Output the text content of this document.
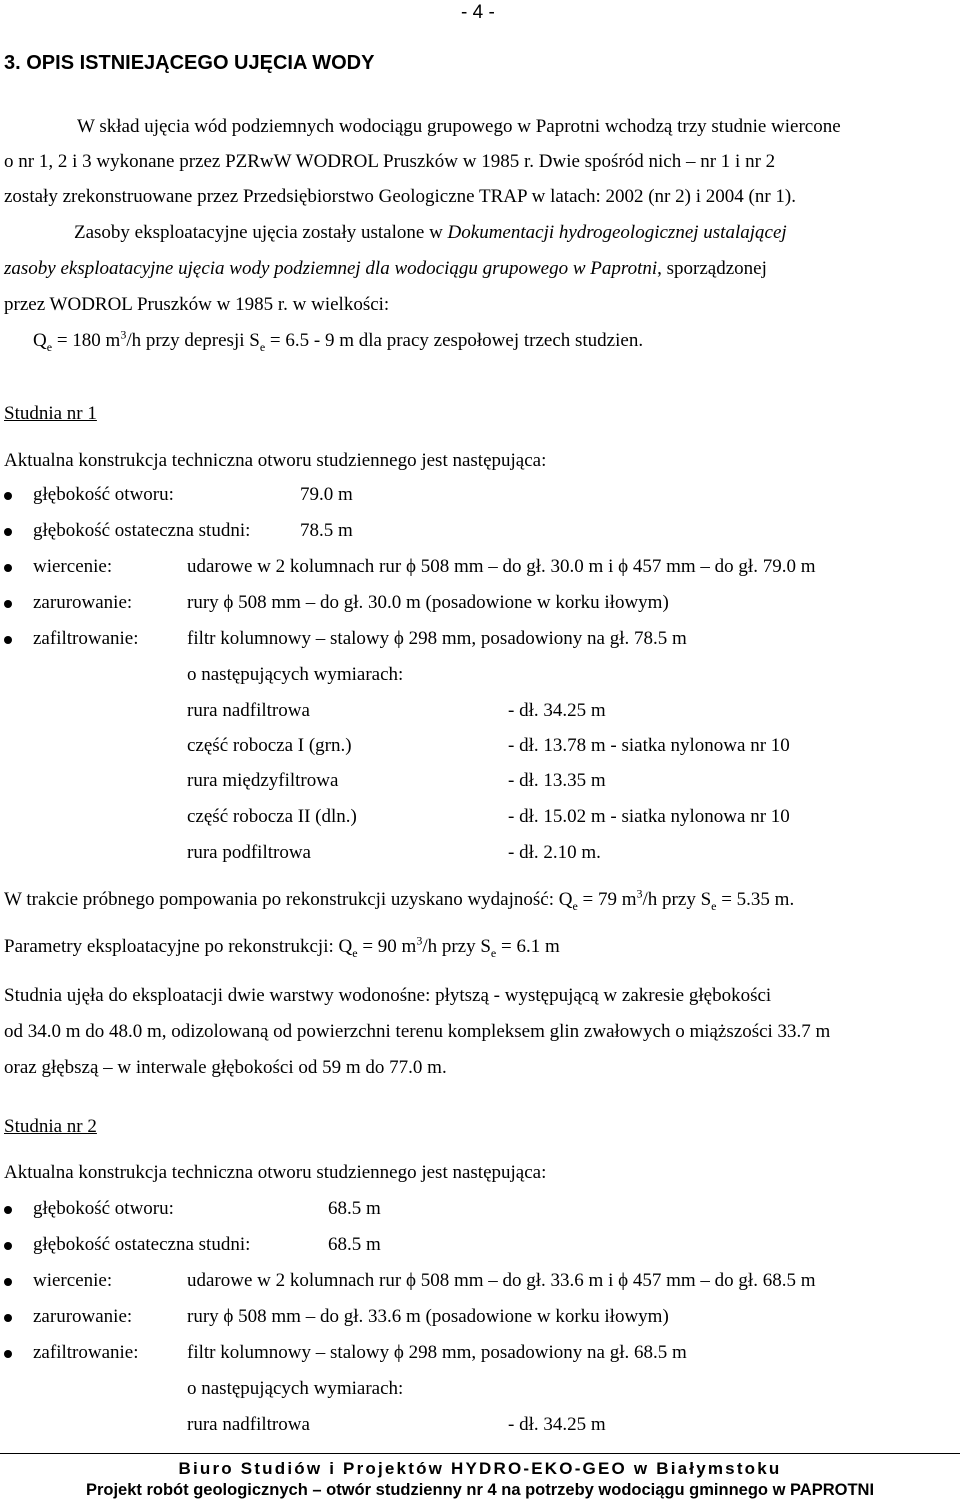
- 4 -
3. OPIS ISTNIEJĄCEGO UJĘCIA WODY
W skład ujęcia wód podziemnych wodociągu grupowego w Paprotni wchodzą trzy studnie wiercone
o nr 1, 2 i 3 wykonane przez PZRwW WODROL Pruszków w 1985 r. Dwie spośród nich – nr 1 i nr 2
zostały zrekonstruowane przez Przedsiębiorstwo Geologiczne TRAP w latach: 2002 (nr 2) i 2004 (nr 1).
Zasoby eksploatacyjne ujęcia zostały ustalone w Dokumentacji hydrogeologicznej ustalającej
zasoby eksploatacyjne ujęcia wody podziemnej dla wodociągu grupowego w Paprotni, sporządzonej
przez WODROL Pruszków w 1985 r. w wielkości:
$Q_e = 180$ $m^3/h$ przy depresji $S_e = 6.5 - 9$ m dla pracy zespołowej trzech studzien.
Studnia nr 1
Aktualna konstrukcja techniczna otworu studziennego jest następująca:
głębokość otworu:	79.0 m
głębokość ostateczna studni:	78.5 m
wiercenie:	udarowe w 2 kolumnach rur ϕ 508 mm – do gł. 30.0 m i ϕ 457 mm – do gł. 79.0 m
zarurowanie:	rury ϕ 508 mm – do gł. 30.0 m (posadowione w korku iłowym)
zafiltrowanie:	filtr kolumnowy – stalowy ϕ 298 mm, posadowiony na gł. 78.5 m
o następujących wymiarach:
rura nadfiltrowa	- dł. 34.25 m
część robocza I (grn.)	- dł. 13.78 m - siatka nylonowa nr 10
rura międzyfiltrowa	- dł. 13.35 m
część robocza II (dln.)	- dł. 15.02 m - siatka nylonowa nr 10
rura podfiltrowa	- dł. 2.10 m.
W trakcie próbnego pompowania po rekonstrukcji uzyskano wydajność: $Q_e = 79$ $m^3/h$ przy $S_e = 5.35$ m.
Parametry eksploatacyjne po rekonstrukcji: $Q_e = 90$ $m^3/h$ przy $S_e = 6.1$ m
Studnia ujęła do eksploatacji dwie warstwy wodonośne: płytszą - występującą w zakresie głębokości
od 34.0 m do 48.0 m, odizolowaną od powierzchni terenu kompleksem glin zwałowych o miąższości 33.7 m
oraz głębszą – w interwale głębokości od 59 m do 77.0 m.
Studnia nr 2
Aktualna konstrukcja techniczna otworu studziennego jest następująca:
głębokość otworu:	68.5 m
głębokość ostateczna studni:	68.5 m
wiercenie:	udarowe w 2 kolumnach rur ϕ 508 mm – do gł. 33.6 m i ϕ 457 mm – do gł. 68.5 m
zarurowanie:	rury ϕ 508 mm – do gł. 33.6 m (posadowione w korku iłowym)
zafiltrowanie:	filtr kolumnowy – stalowy ϕ 298 mm, posadowiony na gł. 68.5 m
o następujących wymiarach:
rura nadfiltrowa	- dł. 34.25 m
Biuro Studiów i Projektów HYDRO-EKO-GEO w Białymstoku
Projekt robót geologicznych – otwór studzienny nr 4 na potrzeby wodociągu gminnego w PAPROTNI
